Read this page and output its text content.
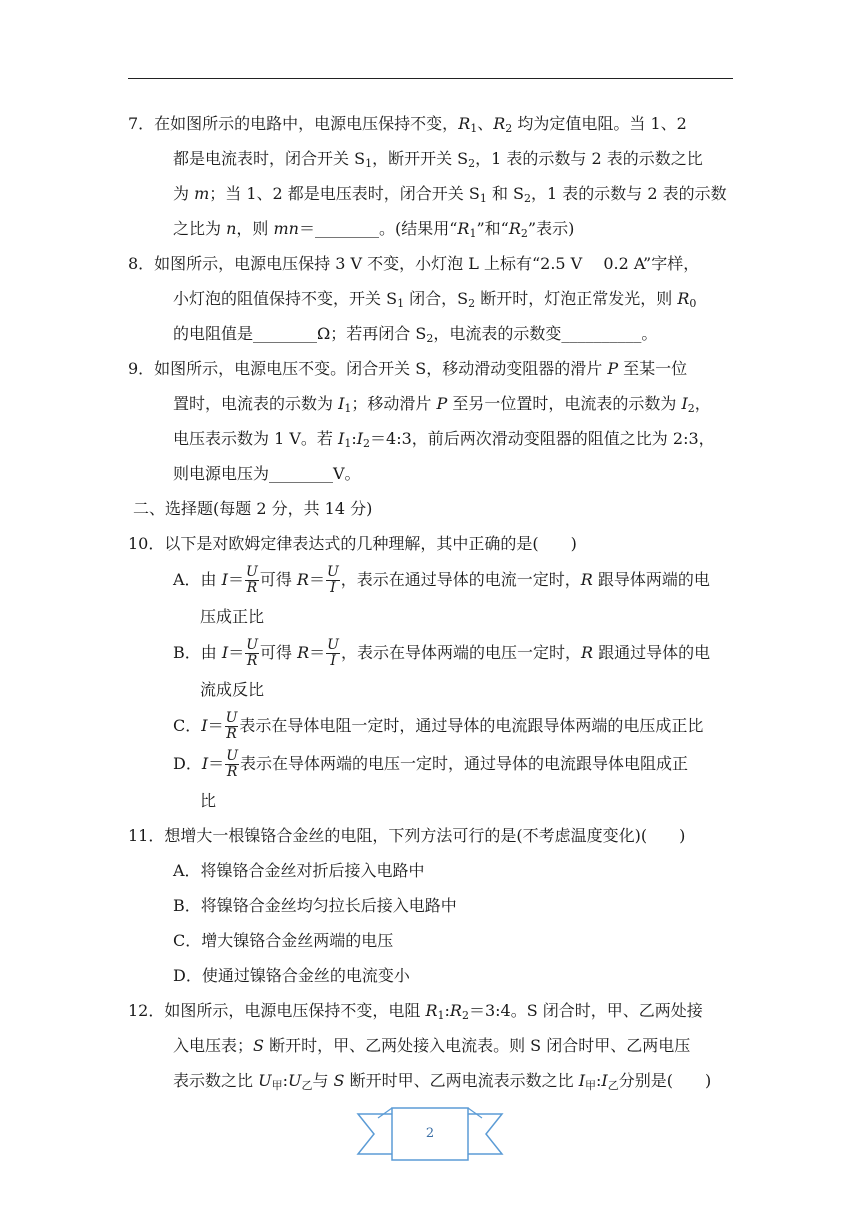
7．在如图所示的电路中，电源电压保持不变，$R_1$、$R_2$ 均为定值电阻。当 1、2
都是电流表时，闭合开关 $S_1$，断开开关 $S_2$，1 表的示数与 2 表的示数之比
为 m；当 1、2 都是电压表时，闭合开关 $S_1$ 和 $S_2$，1 表的示数与 2 表的示数
之比为 n，则 mn＝________。(结果用“$R_1$”和“$R_2$”表示)
8．如图所示，电源电压保持 3 V 不变，小灯泡 L 上标有“2.5 V　 0.2 A”字样，
小灯泡的阻值保持不变，开关 $S_1$ 闭合，$S_2$ 断开时，灯泡正常发光，则 $R_0$
的电阻值是________Ω；若再闭合 $S_2$，电流表的示数变__________。
9．如图所示，电源电压不变。闭合开关 S，移动滑动变阻器的滑片 P 至某一位
置时，电流表的示数为 $I_1$；移动滑片 P 至另一位置时，电流表的示数为 $I_2$，
电压表示数为 1 V。若 $I_1:I_2=4:3$，前后两次滑动变阻器的阻值之比为 2:3，
则电源电压为________V。
二、选择题(每题 2 分，共 14 分)
10．以下是对欧姆定律表达式的几种理解，其中正确的是(　　)
A．由 $I= \frac{U}{R}$ 可得 $R= \frac{U}{I}$ ，表示在通过导体的电流一定时，R 跟导体两端的电
压成正比
B．由 $I= \frac{U}{R}$ 可得 $R= \frac{U}{I}$ ，表示在导体两端的电压一定时，R 跟通过导体的电
流成反比
C．$I= \frac{U}{R}$ 表示在导体电阻一定时，通过导体的电流跟导体两端的电压成正比
D．$I= \frac{U}{R}$ 表示在导体两端的电压一定时，通过导体的电流跟导体电阻成正
比
11．想增大一根镍铬合金丝的电阻，下列方法可行的是(不考虑温度变化)(　　)
A．将镍铬合金丝对折后接入电路中
B．将镍铬合金丝均匀拉长后接入电路中
C．增大镍铬合金丝两端的电压
D．使通过镍铬合金丝的电流变小
12．如图所示，电源电压保持不变，电阻 $R_1:R_2=3:4$。S 闭合时，甲、乙两处接
入电压表；S 断开时，甲、乙两处接入电流表。则 S 闭合时甲、乙两电压
表示数之比 $U_甲:U_乙$与 S 断开时甲、乙两电流表示数之比 $I_甲:I_乙$分别是(　　)
2
